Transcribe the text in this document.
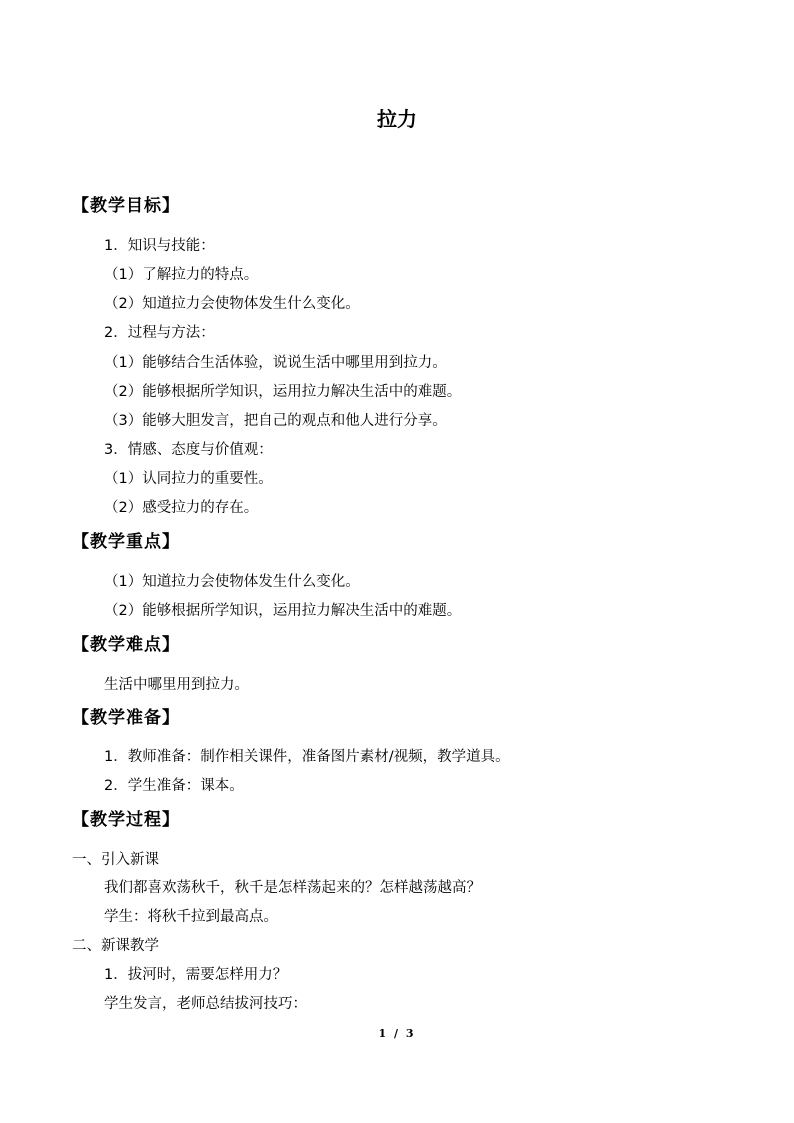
拉力
【教学目标】
1．知识与技能：
（1）了解拉力的特点。
（2）知道拉力会使物体发生什么变化。
2．过程与方法：
（1）能够结合生活体验，说说生活中哪里用到拉力。
（2）能够根据所学知识，运用拉力解决生活中的难题。
（3）能够大胆发言，把自己的观点和他人进行分享。
3．情感、态度与价值观：
（1）认同拉力的重要性。
（2）感受拉力的存在。
【教学重点】
（1）知道拉力会使物体发生什么变化。
（2）能够根据所学知识，运用拉力解决生活中的难题。
【教学难点】
生活中哪里用到拉力。
【教学准备】
1．教师准备：制作相关课件，准备图片素材/视频，教学道具。
2．学生准备：课本。
【教学过程】
一、引入新课
我们都喜欢荡秋千，秋千是怎样荡起来的？怎样越荡越高？
学生：将秋千拉到最高点。
二、新课教学
1．拔河时，需要怎样用力？
学生发言，老师总结拔河技巧：
1 / 3
